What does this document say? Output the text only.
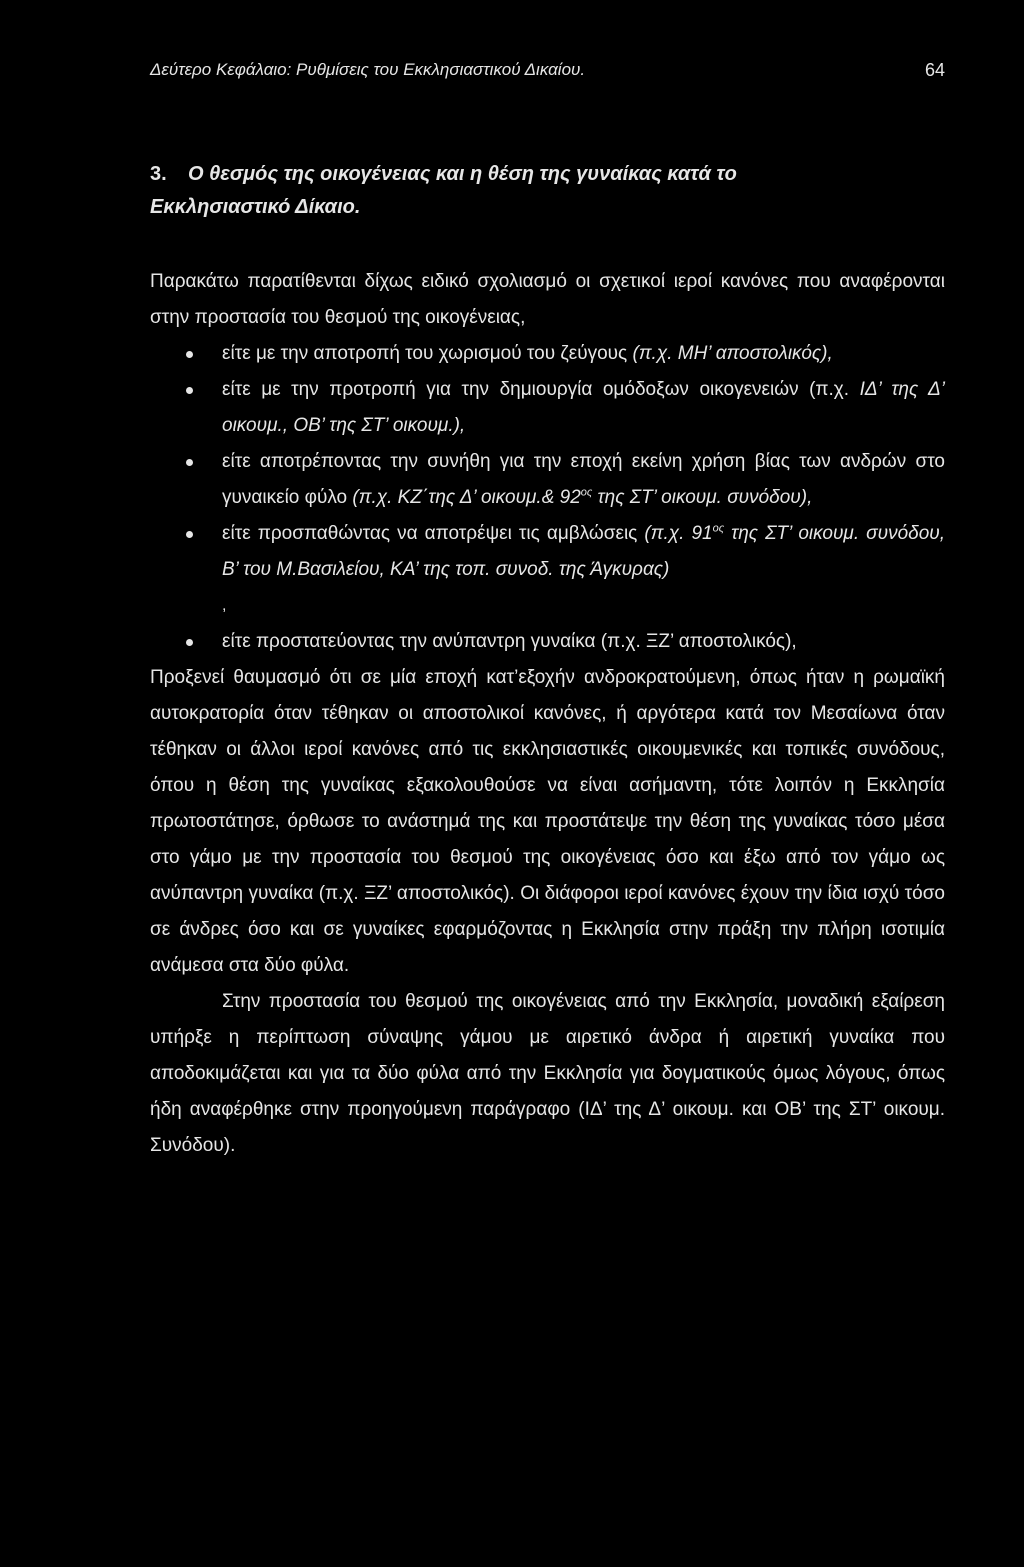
Δεύτερο Κεφάλαιο: Ρυθμίσεις του Εκκλησιαστικού Δικαίου.	64
3.	Ο θεσμός της οικογένειας και η θέση της γυναίκας κατά το
Εκκλησιαστικό Δίκαιο.

Παρακάτω παρατίθενται δίχως ειδικό σχολιασμό οι σχετικοί ιεροί κανόνες που αναφέρονται στην προστασία του θεσμού της οικογένειας,

είτε με την αποτροπή του χωρισμού του ζεύγους (π.χ. ΜΗ’ αποστολικός),
είτε με την προτροπή για την δημιουργία ομόδοξων οικογενειών (π.χ. ΙΔ’ της Δ’ οικουμ., ΟΒ’ της ΣΤ’ οικουμ.),
είτε αποτρέποντας την συνήθη για την εποχή εκείνη χρήση βίας των ανδρών στο γυναικείο φύλο (π.χ. ΚΖ΄της Δ’ οικουμ.& $92^{o\varsigma}$ της ΣΤ’ οικουμ. συνόδου),
είτε προσπαθώντας να αποτρέψει τις αμβλώσεις (π.χ. $91^{o\varsigma}$ της ΣΤ’ οικουμ. συνόδου, Β’ του Μ.Βασιλείου, ΚΑ’ της τοπ. συνοδ. της Άγκυρας)
,
είτε προστατεύοντας την ανύπαντρη γυναίκα (π.χ. ΞΖ’ αποστολικός),

Προξενεί θαυμασμό ότι σε μία εποχή κατ’εξοχήν ανδροκρατούμενη, όπως ήταν η ρωμαϊκή αυτοκρατορία όταν τέθηκαν οι αποστολικοί κανόνες, ή αργότερα κατά τον Μεσαίωνα όταν τέθηκαν οι άλλοι ιεροί κανόνες από τις εκκλησιαστικές οικουμενικές και τοπικές συνόδους, όπου η θέση της γυναίκας εξακολουθούσε να είναι ασήμαντη, τότε λοιπόν η Εκκλησία πρωτοστάτησε, όρθωσε το ανάστημά της και προστάτεψε την θέση της γυναίκας τόσο μέσα στο γάμο με την προστασία του θεσμού της οικογένειας όσο και έξω από τον γάμο ως ανύπαντρη γυναίκα (π.χ. ΞΖ’ αποστολικός). Οι διάφοροι ιεροί κανόνες έχουν την ίδια ισχύ τόσο σε άνδρες όσο και σε γυναίκες εφαρμόζοντας η Εκκλησία στην πράξη την πλήρη ισοτιμία ανάμεσα στα δύο φύλα.

Στην προστασία του θεσμού της οικογένειας από την Εκκλησία, μοναδική εξαίρεση υπήρξε η περίπτωση σύναψης γάμου με αιρετικό άνδρα ή αιρετική γυναίκα που αποδοκιμάζεται και για τα δύο φύλα από την Εκκλησία για δογματικούς όμως λόγους, όπως ήδη αναφέρθηκε στην προηγούμενη παράγραφο (ΙΔ’ της Δ’ οικουμ. και ΟΒ’ της ΣΤ’ οικουμ. Συνόδου).
